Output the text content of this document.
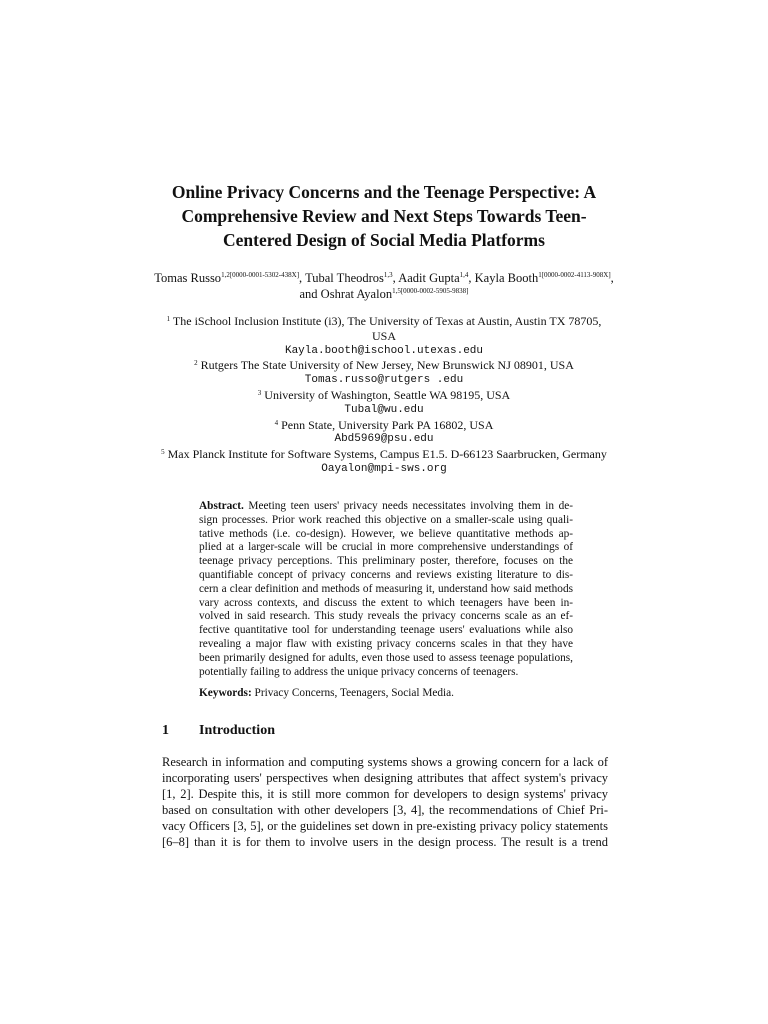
Online Privacy Concerns and the Teenage Perspective: A
Comprehensive Review and Next Steps Towards Teen-
Centered Design of Social Media Platforms
Tomas Russo$^{1,2[0000-0001-5302-438X]}$, Tubal Theodros$^{1,3}$, Aadit Gupta$^{1,4}$, Kayla Booth$^{1[0000-0002-4113-908X]}$, and Oshrat Ayalon$^{1,5[0000-0002-5905-9838]}$
$^1$ The iSchool Inclusion Institute (i3), The University of Texas at Austin, Austin TX 78705,
USA
Kayla.booth@ischool.utexas.edu
$^2$ Rutgers The State University of New Jersey, New Brunswick NJ 08901, USA
Tomas.russo@rutgers .edu
$^3$ University of Washington, Seattle WA 98195, USA
Tubal@wu.edu
$^4$ Penn State, University Park PA 16802, USA
Abd5969@psu.edu
$^5$ Max Planck Institute for Software Systems, Campus E1.5. D-66123 Saarbrucken, Germany
Oayalon@mpi-sws.org
Abstract. Meeting teen users' privacy needs necessitates involving them in de-
sign processes. Prior work reached this objective on a smaller-scale using quali-
tative methods (i.e. co-design). However, we believe quantitative methods ap-
plied at a larger-scale will be crucial in more comprehensive understandings of
teenage privacy perceptions. This preliminary poster, therefore, focuses on the
quantifiable concept of privacy concerns and reviews existing literature to dis-
cern a clear definition and methods of measuring it, understand how said methods
vary across contexts, and discuss the extent to which teenagers have been in-
volved in said research. This study reveals the privacy concerns scale as an ef-
fective quantitative tool for understanding teenage users' evaluations while also
revealing a major flaw with existing privacy concerns scales in that they have
been primarily designed for adults, even those used to assess teenage populations,
potentially failing to address the unique privacy concerns of teenagers.
Keywords: Privacy Concerns, Teenagers, Social Media.
1 Introduction
Research in information and computing systems shows a growing concern for a lack of
incorporating users' perspectives when designing attributes that affect system's privacy
[1, 2]. Despite this, it is still more common for developers to design systems' privacy
based on consultation with other developers [3, 4], the recommendations of Chief Pri-
vacy Officers [3, 5], or the guidelines set down in pre-existing privacy policy statements
[6–8] than it is for them to involve users in the design process. The result is a trend
